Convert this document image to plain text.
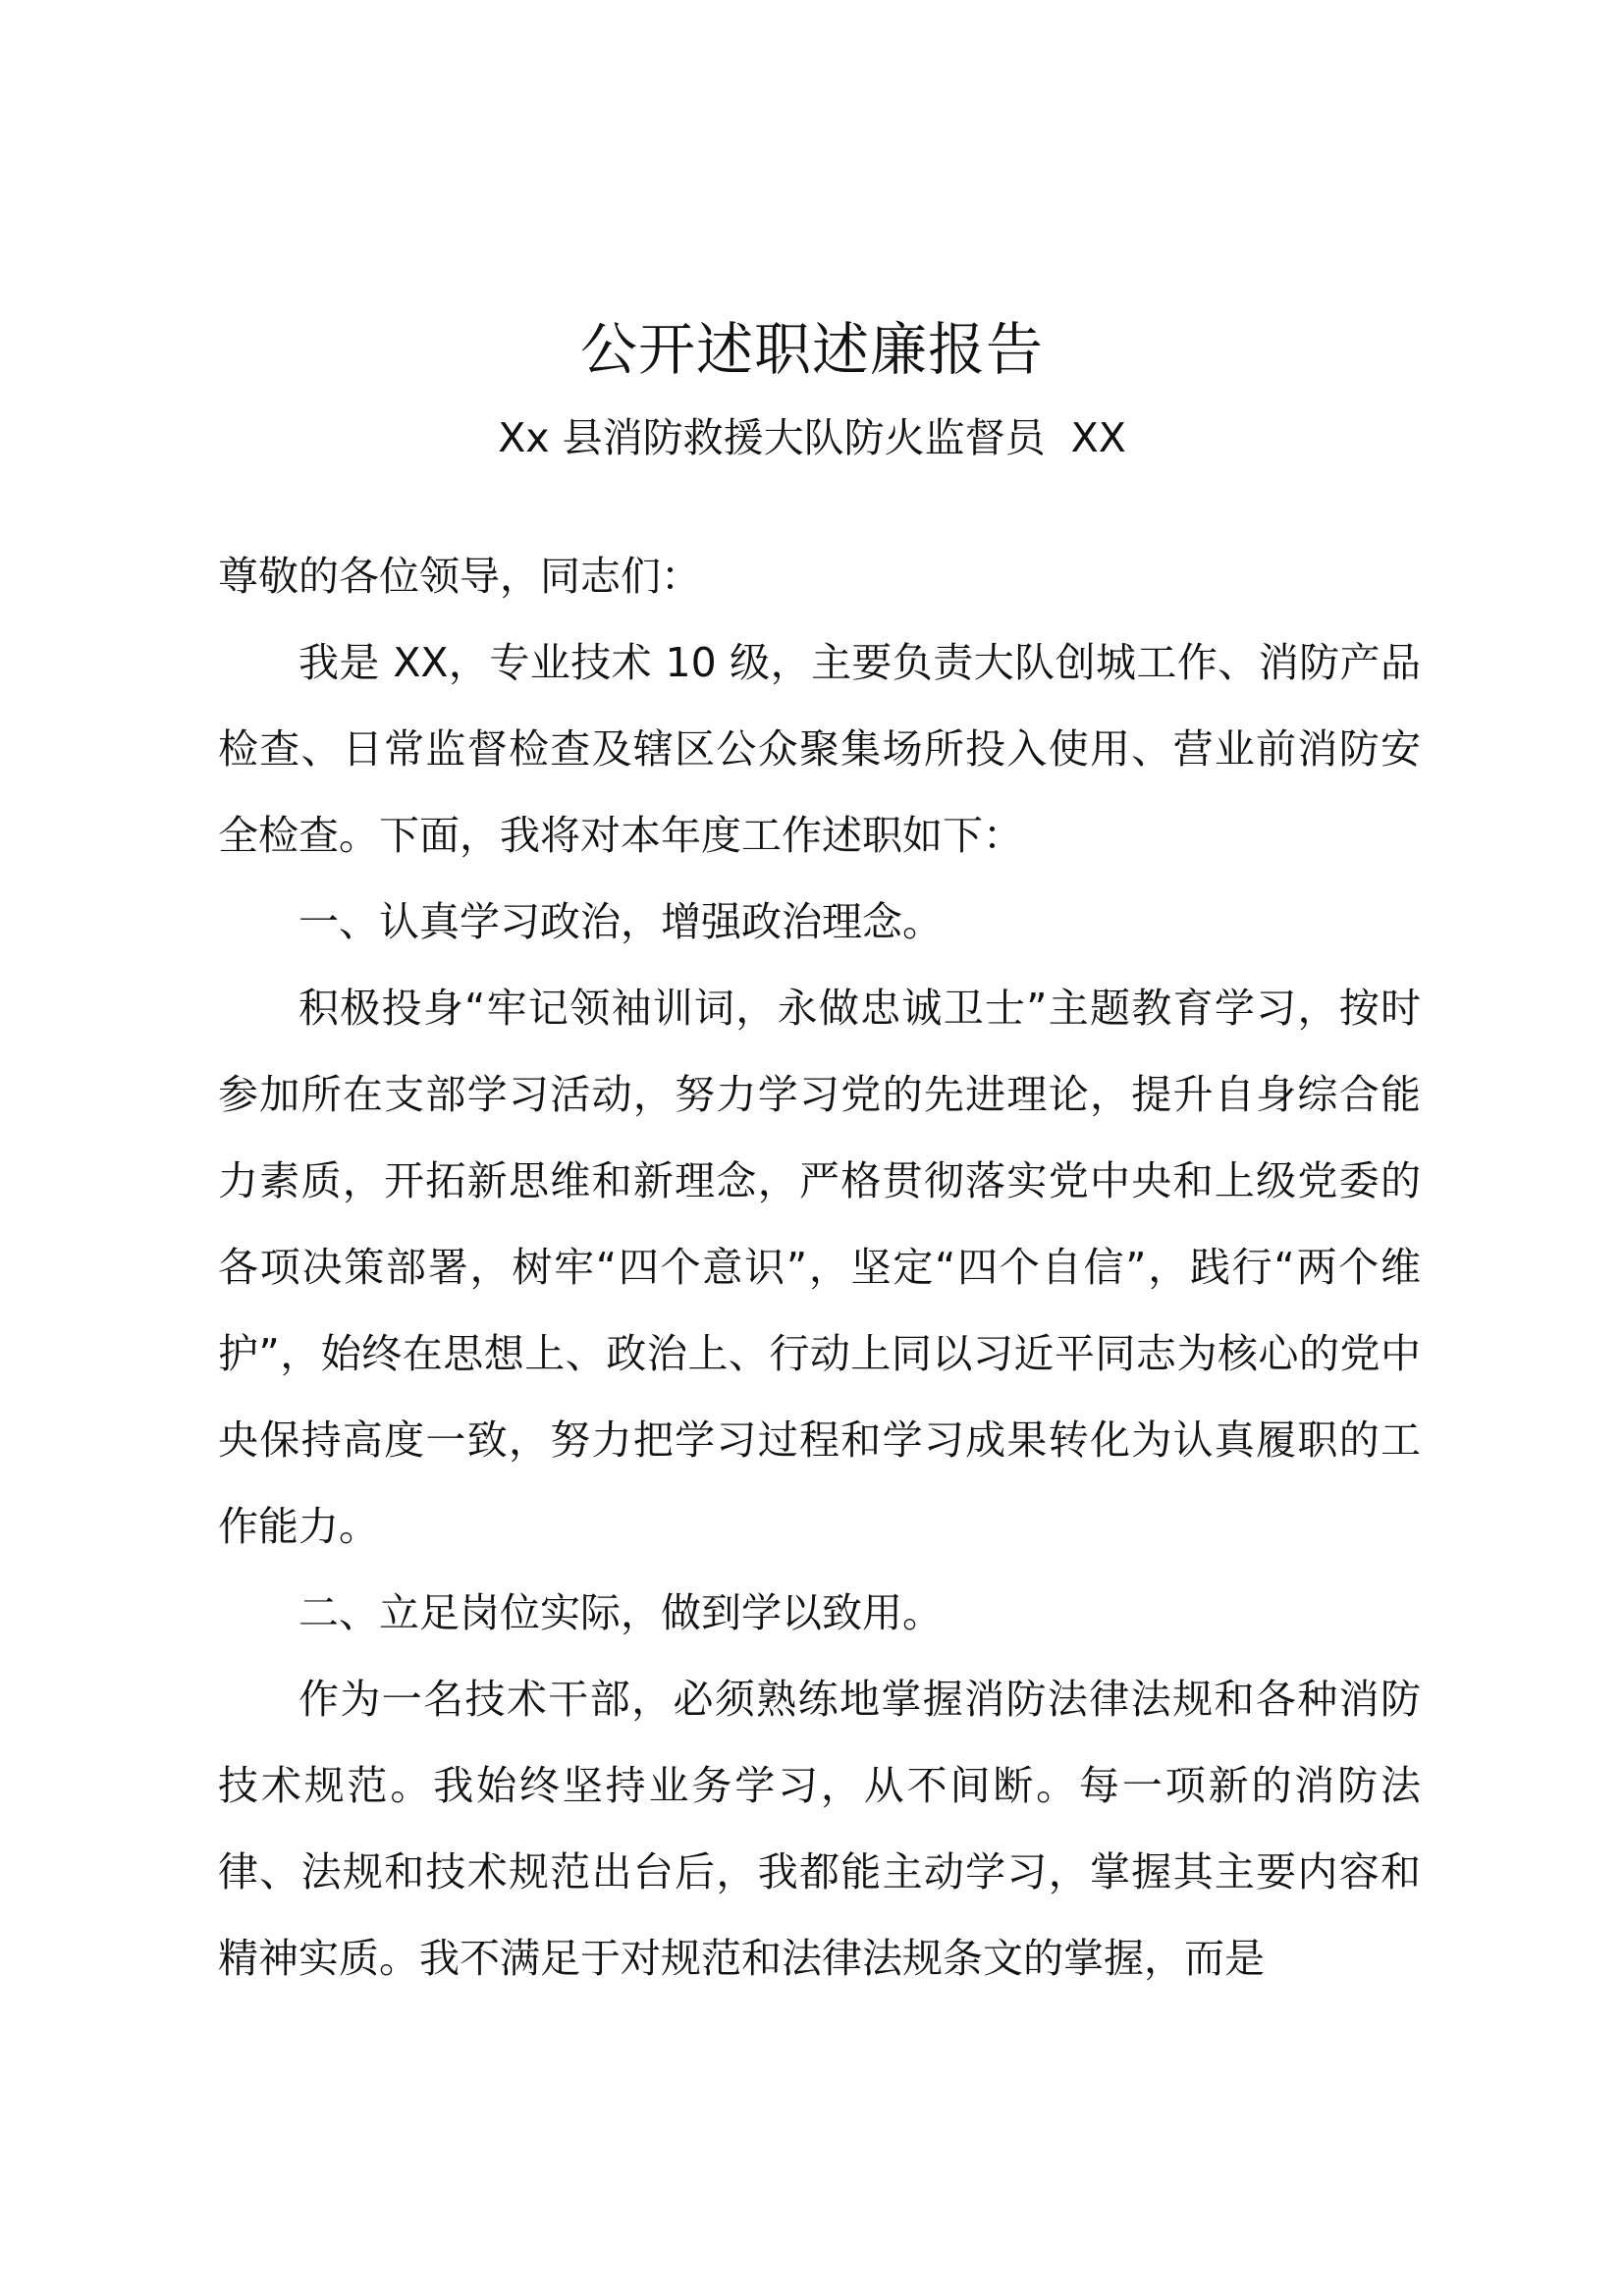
公开述职述廉报告
Xx 县消防救援大队防火监督员  XX

尊敬的各位领导，同志们：

我是 XX，专业技术 10 级，主要负责大队创城工作、消防产品检查、日常监督检查及辖区公众聚集场所投入使用、营业前消防安全检查。下面，我将对本年度工作述职如下：

一、认真学习政治，增强政治理念。

积极投身“牢记领袖训词，永做忠诚卫士”主题教育学习，按时参加所在支部学习活动，努力学习党的先进理论，提升自身综合能力素质，开拓新思维和新理念，严格贯彻落实党中央和上级党委的各项决策部署，树牢“四个意识”，坚定“四个自信”，践行“两个维护”，始终在思想上、政治上、行动上同以习近平同志为核心的党中央保持高度一致，努力把学习过程和学习成果转化为认真履职的工作能力。

二、立足岗位实际，做到学以致用。

作为一名技术干部，必须熟练地掌握消防法律法规和各种消防技术规范。我始终坚持业务学习，从不间断。每一项新的消防法律、法规和技术规范出台后，我都能主动学习，掌握其主要内容和精神实质。我不满足于对规范和法律法规条文的掌握，而是
